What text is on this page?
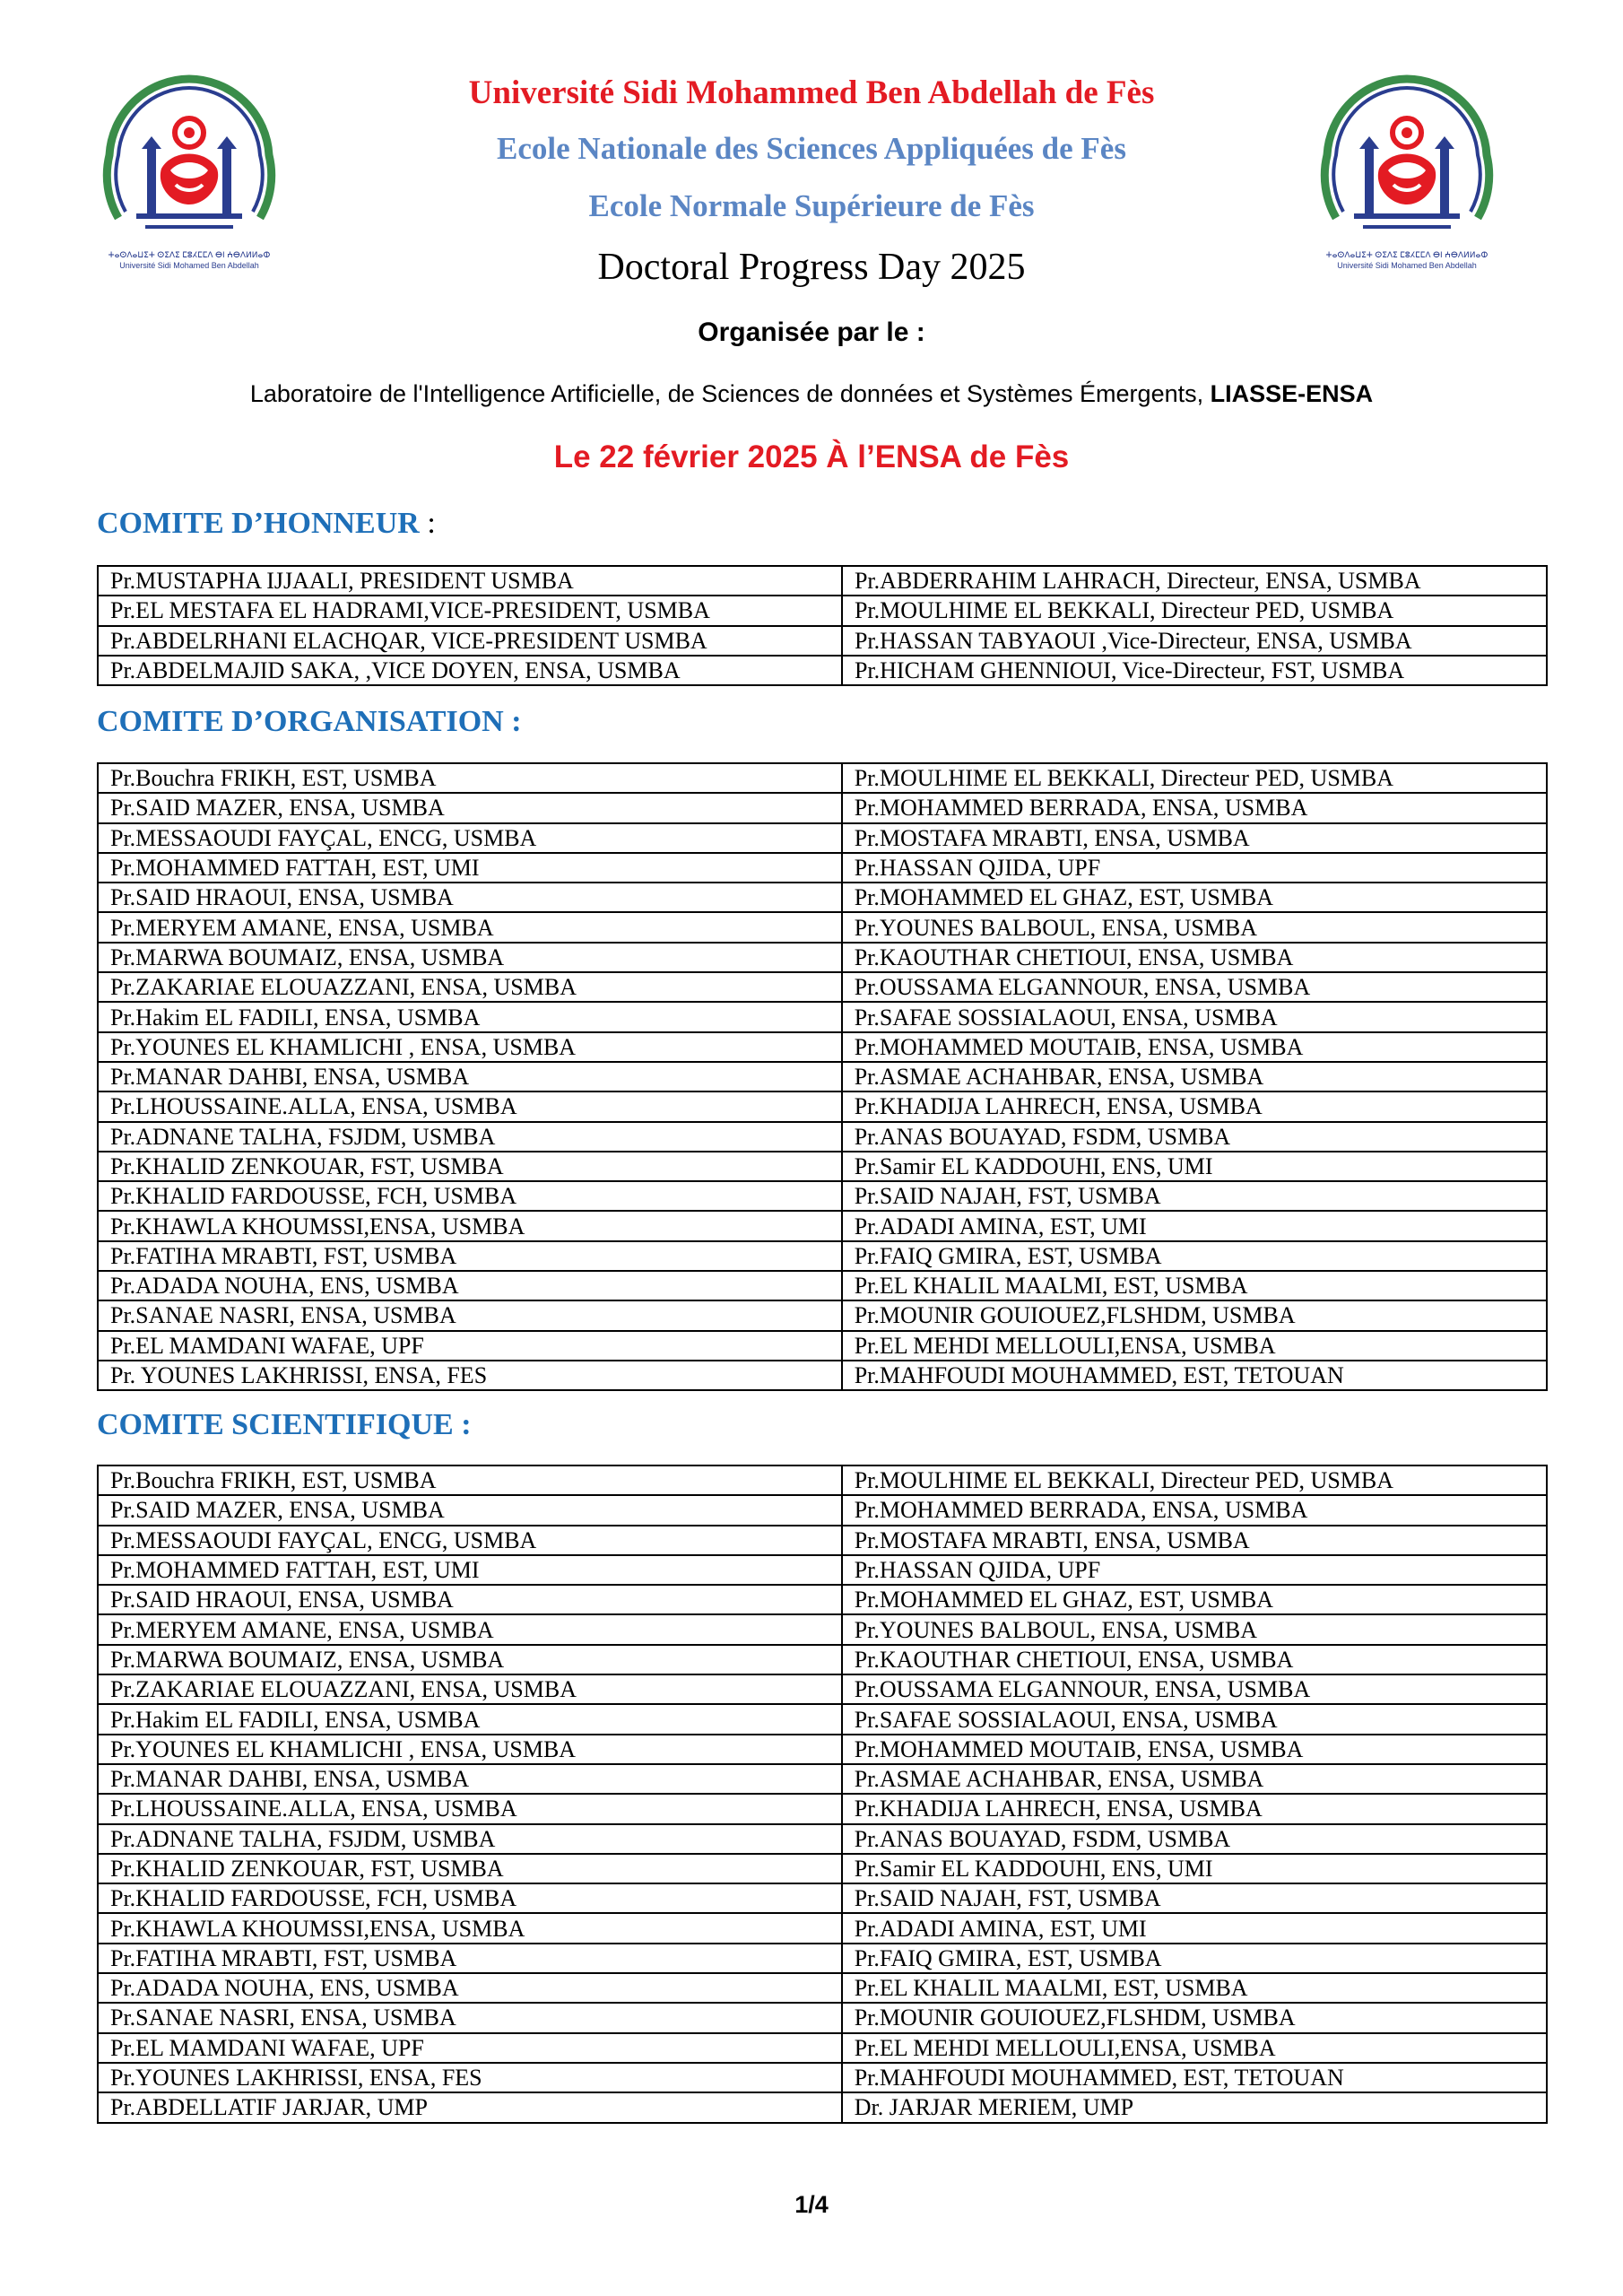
ⵜⴰⵙⴷⴰⵡⵉⵜ ⵙⵉⴷⵉ ⵎⵓⵃⵎⵎⴷ ⴱⵏ ⵄⴱⴷⵍⵍⴰⵀ
Université Sidi Mohamed Ben Abdellah
ⵜⴰⵙⴷⴰⵡⵉⵜ ⵙⵉⴷⵉ ⵎⵓⵃⵎⵎⴷ ⴱⵏ ⵄⴱⴷⵍⵍⴰⵀ
Université Sidi Mohamed Ben Abdellah
Université Sidi Mohammed Ben Abdellah de Fès
Ecole Nationale des Sciences Appliquées de Fès
Ecole Normale Supérieure de Fès
Doctoral Progress Day 2025
Organisée par le :
Laboratoire de l'Intelligence Artificielle, de Sciences de données et Systèmes Émergents, LIASSE-ENSA
Le 22 février 2025 À l’ENSA de Fès
COMITE D’HONNEUR :
Pr.MUSTAPHA IJJAALI, PRESIDENT USMBA	Pr.ABDERRAHIM LAHRACH, Directeur, ENSA, USMBA
Pr.EL MESTAFA EL HADRAMI,VICE-PRESIDENT, USMBA	Pr.MOULHIME EL BEKKALI, Directeur PED, USMBA
Pr.ABDELRHANI ELACHQAR, VICE-PRESIDENT USMBA	Pr.HASSAN TABYAOUI ,Vice-Directeur, ENSA, USMBA
Pr.ABDELMAJID SAKA, ,VICE DOYEN, ENSA, USMBA	Pr.HICHAM GHENNIOUI, Vice-Directeur, FST, USMBA
COMITE D’ORGANISATION :
Pr.Bouchra FRIKH, EST, USMBA	Pr.MOULHIME EL BEKKALI, Directeur PED, USMBA
Pr.SAID MAZER, ENSA, USMBA	Pr.MOHAMMED BERRADA, ENSA, USMBA
Pr.MESSAOUDI FAYÇAL, ENCG, USMBA	Pr.MOSTAFA MRABTI, ENSA, USMBA
Pr.MOHAMMED FATTAH, EST, UMI	Pr.HASSAN QJIDA, UPF
Pr.SAID HRAOUI, ENSA, USMBA	Pr.MOHAMMED EL GHAZ, EST, USMBA
Pr.MERYEM AMANE, ENSA, USMBA	Pr.YOUNES BALBOUL, ENSA, USMBA
Pr.MARWA BOUMAIZ, ENSA, USMBA	Pr.KAOUTHAR CHETIOUI, ENSA, USMBA
Pr.ZAKARIAE ELOUAZZANI, ENSA, USMBA	Pr.OUSSAMA ELGANNOUR, ENSA, USMBA
Pr.Hakim EL FADILI, ENSA, USMBA	Pr.SAFAE SOSSIALAOUI, ENSA, USMBA
Pr.YOUNES EL KHAMLICHI , ENSA, USMBA	Pr.MOHAMMED MOUTAIB, ENSA, USMBA
Pr.MANAR DAHBI, ENSA, USMBA	Pr.ASMAE ACHAHBAR, ENSA, USMBA
Pr.LHOUSSAINE.ALLA, ENSA, USMBA	Pr.KHADIJA LAHRECH, ENSA, USMBA
Pr.ADNANE TALHA, FSJDM, USMBA	Pr.ANAS BOUAYAD, FSDM, USMBA
Pr.KHALID ZENKOUAR, FST, USMBA	Pr.Samir EL KADDOUHI, ENS, UMI
Pr.KHALID FARDOUSSE, FCH, USMBA	Pr.SAID NAJAH, FST, USMBA
Pr.KHAWLA KHOUMSSI,ENSA, USMBA	Pr.ADADI AMINA, EST, UMI
Pr.FATIHA MRABTI, FST, USMBA	Pr.FAIQ GMIRA, EST, USMBA
Pr.ADADA NOUHA, ENS, USMBA	Pr.EL KHALIL MAALMI, EST, USMBA
Pr.SANAE NASRI, ENSA, USMBA	Pr.MOUNIR GOUIOUEZ,FLSHDM, USMBA
Pr.EL MAMDANI WAFAE, UPF	Pr.EL MEHDI MELLOULI,ENSA, USMBA
Pr. YOUNES LAKHRISSI, ENSA, FES	Pr.MAHFOUDI MOUHAMMED, EST, TETOUAN
COMITE SCIENTIFIQUE :
Pr.Bouchra FRIKH, EST, USMBA	Pr.MOULHIME EL BEKKALI, Directeur PED, USMBA
Pr.SAID MAZER, ENSA, USMBA	Pr.MOHAMMED BERRADA, ENSA, USMBA
Pr.MESSAOUDI FAYÇAL, ENCG, USMBA	Pr.MOSTAFA MRABTI, ENSA, USMBA
Pr.MOHAMMED FATTAH, EST, UMI	Pr.HASSAN QJIDA, UPF
Pr.SAID HRAOUI, ENSA, USMBA	Pr.MOHAMMED EL GHAZ, EST, USMBA
Pr.MERYEM AMANE, ENSA, USMBA	Pr.YOUNES BALBOUL, ENSA, USMBA
Pr.MARWA BOUMAIZ, ENSA, USMBA	Pr.KAOUTHAR CHETIOUI, ENSA, USMBA
Pr.ZAKARIAE ELOUAZZANI, ENSA, USMBA	Pr.OUSSAMA ELGANNOUR, ENSA, USMBA
Pr.Hakim EL FADILI, ENSA, USMBA	Pr.SAFAE SOSSIALAOUI, ENSA, USMBA
Pr.YOUNES EL KHAMLICHI , ENSA, USMBA	Pr.MOHAMMED MOUTAIB, ENSA, USMBA
Pr.MANAR DAHBI, ENSA, USMBA	Pr.ASMAE ACHAHBAR, ENSA, USMBA
Pr.LHOUSSAINE.ALLA, ENSA, USMBA	Pr.KHADIJA LAHRECH, ENSA, USMBA
Pr.ADNANE TALHA, FSJDM, USMBA	Pr.ANAS BOUAYAD, FSDM, USMBA
Pr.KHALID ZENKOUAR, FST, USMBA	Pr.Samir EL KADDOUHI, ENS, UMI
Pr.KHALID FARDOUSSE, FCH, USMBA	Pr.SAID NAJAH, FST, USMBA
Pr.KHAWLA KHOUMSSI,ENSA, USMBA	Pr.ADADI AMINA, EST, UMI
Pr.FATIHA MRABTI, FST, USMBA	Pr.FAIQ GMIRA, EST, USMBA
Pr.ADADA NOUHA, ENS, USMBA	Pr.EL KHALIL MAALMI, EST, USMBA
Pr.SANAE NASRI, ENSA, USMBA	Pr.MOUNIR GOUIOUEZ,FLSHDM, USMBA
Pr.EL MAMDANI WAFAE, UPF	Pr.EL MEHDI MELLOULI,ENSA, USMBA
Pr.YOUNES LAKHRISSI, ENSA, FES	Pr.MAHFOUDI MOUHAMMED, EST, TETOUAN
Pr.ABDELLATIF JARJAR, UMP	Dr. JARJAR MERIEM, UMP
1/4
